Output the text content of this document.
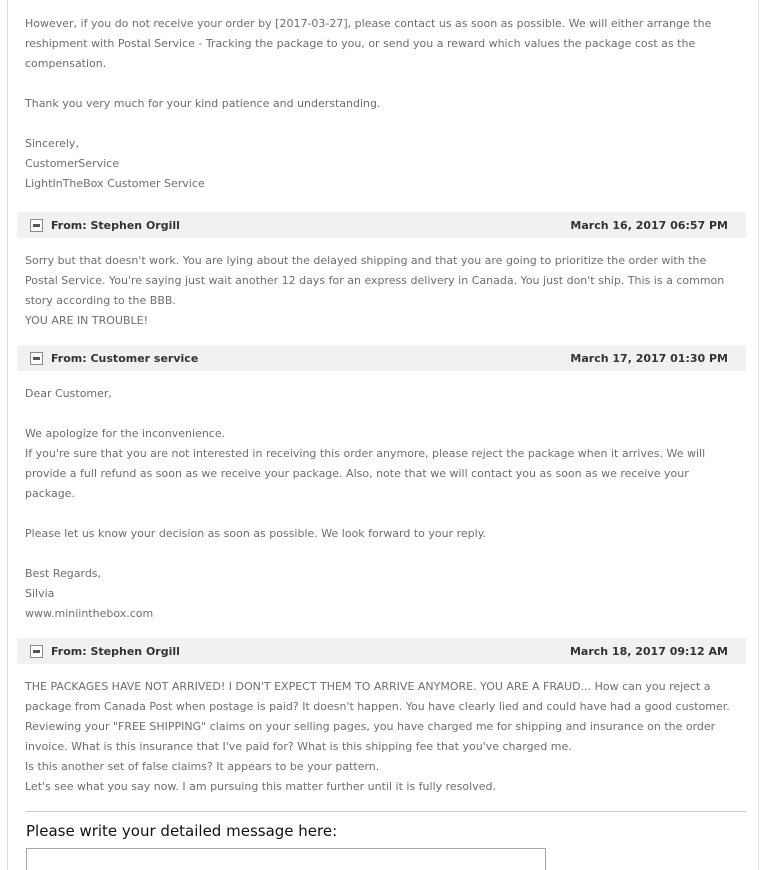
However, if you do not receive your order by [2017-03-27], please contact us as soon as possible. We will either arrange the reshipment with Postal Service - Tracking the package to you, or send you a reward which values the package cost as the compensation.
Thank you very much for your kind patience and understanding.
Sincerely,
CustomerService
LightInTheBox Customer Service
From: Stephen Orgill	March 16, 2017 06:57 PM
Sorry but that doesn't work. You are lying about the delayed shipping and that you are going to prioritize the order with the Postal Service. You're saying just wait another 12 days for an express delivery in Canada. You just don't ship. This is a common story according to the BBB.
YOU ARE IN TROUBLE!
From: Customer service	March 17, 2017 01:30 PM
Dear Customer,
We apologize for the inconvenience.
If you're sure that you are not interested in receiving this order anymore, please reject the package when it arrives. We will provide a full refund as soon as we receive your package. Also, note that we will contact you as soon as we receive your package.
Please let us know your decision as soon as possible. We look forward to your reply.
Best Regards,
Silvia
www.miniinthebox.com
From: Stephen Orgill	March 18, 2017 09:12 AM
THE PACKAGES HAVE NOT ARRIVED! I DON'T EXPECT THEM TO ARRIVE ANYMORE. YOU ARE A FRAUD... How can you reject a package from Canada Post when postage is paid? It doesn't happen. You have clearly lied and could have had a good customer.
Reviewing your "FREE SHIPPING" claims on your selling pages, you have charged me for shipping and insurance on the order invoice. What is this insurance that I've paid for? What is this shipping fee that you've charged me.
Is this another set of false claims? It appears to be your pattern.
Let's see what you say now. I am pursuing this matter further until it is fully resolved.
Please write your detailed message here:
